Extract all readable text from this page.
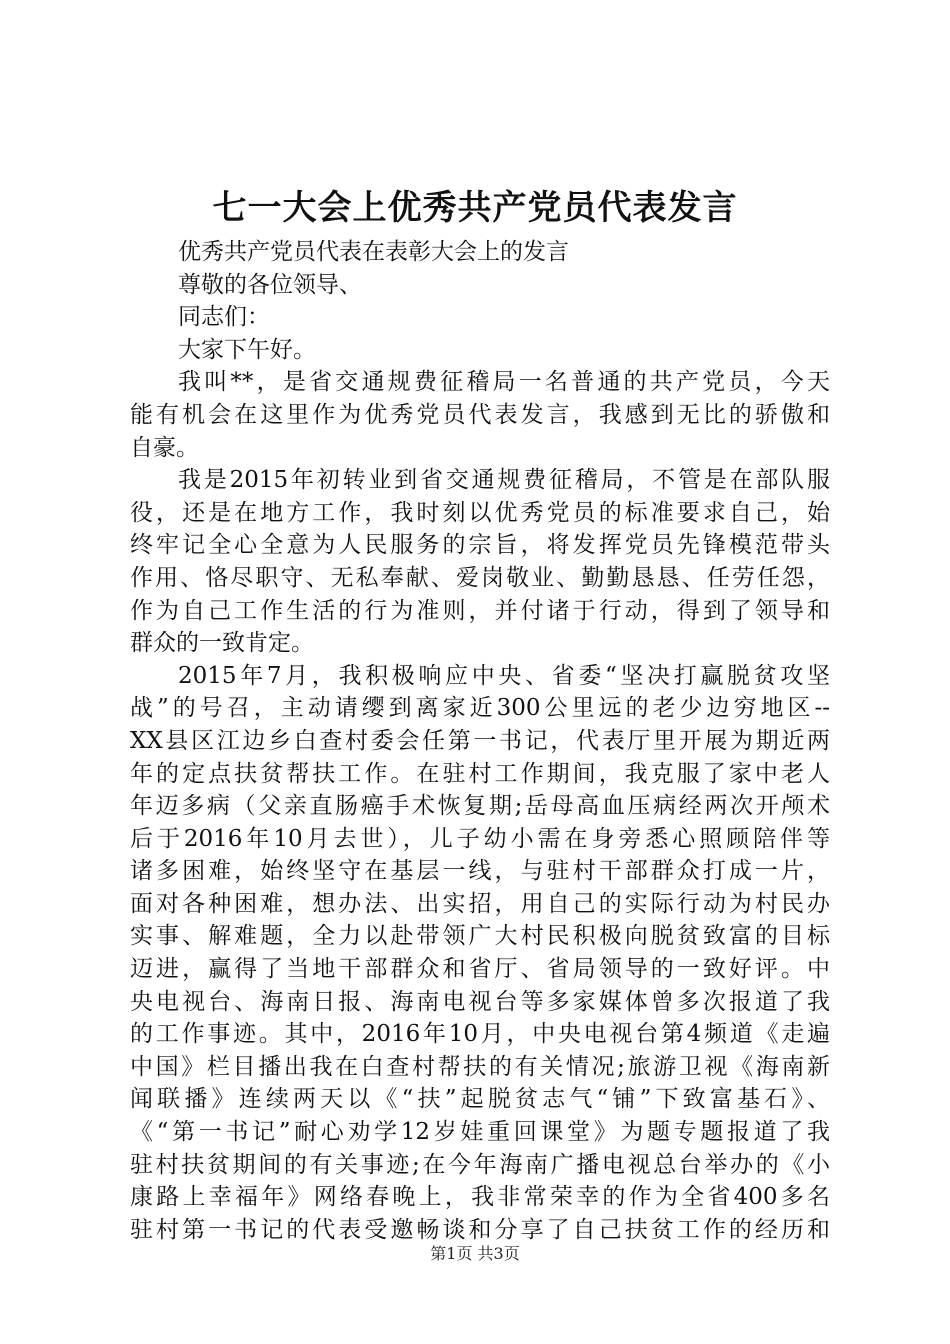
七一大会上优秀共产党员代表发言
优秀共产党员代表在表彰大会上的发言
尊敬的各位领导、
同志们：
大家下午好。
我叫**，是省交通规费征稽局一名普通的共产党员，今天
能有机会在这里作为优秀党员代表发言，我感到无比的骄傲和
自豪。
我是2015年初转业到省交通规费征稽局，不管是在部队服
役，还是在地方工作，我时刻以优秀党员的标准要求自己，始
终牢记全心全意为人民服务的宗旨，将发挥党员先锋模范带头
作用、恪尽职守、无私奉献、爱岗敬业、勤勤恳恳、任劳任怨，
作为自己工作生活的行为准则，并付诸于行动，得到了领导和
群众的一致肯定。
2015年7月，我积极响应中央、省委“坚决打赢脱贫攻坚
战”的号召，主动请缨到离家近300公里远的老少边穷地区--
XX县区江边乡白查村委会任第一书记，代表厅里开展为期近两
年的定点扶贫帮扶工作。在驻村工作期间，我克服了家中老人
年迈多病（父亲直肠癌手术恢复期;岳母高血压病经两次开颅术
后于2016年10月去世），儿子幼小需在身旁悉心照顾陪伴等
诸多困难，始终坚守在基层一线，与驻村干部群众打成一片，
面对各种困难，想办法、出实招，用自己的实际行动为村民办
实事、解难题，全力以赴带领广大村民积极向脱贫致富的目标
迈进，赢得了当地干部群众和省厅、省局领导的一致好评。中
央电视台、海南日报、海南电视台等多家媒体曾多次报道了我
的工作事迹。其中，2016年10月，中央电视台第4频道《走遍
中国》栏目播出我在白查村帮扶的有关情况;旅游卫视《海南新
闻联播》连续两天以《“扶”起脱贫志气“铺”下致富基石》、
《“第一书记”耐心劝学12岁娃重回课堂》为题专题报道了我
驻村扶贫期间的有关事迹;在今年海南广播电视总台举办的《小
康路上幸福年》网络春晚上，我非常荣幸的作为全省400多名
驻村第一书记的代表受邀畅谈和分享了自己扶贫工作的经历和
第1页 共3页
